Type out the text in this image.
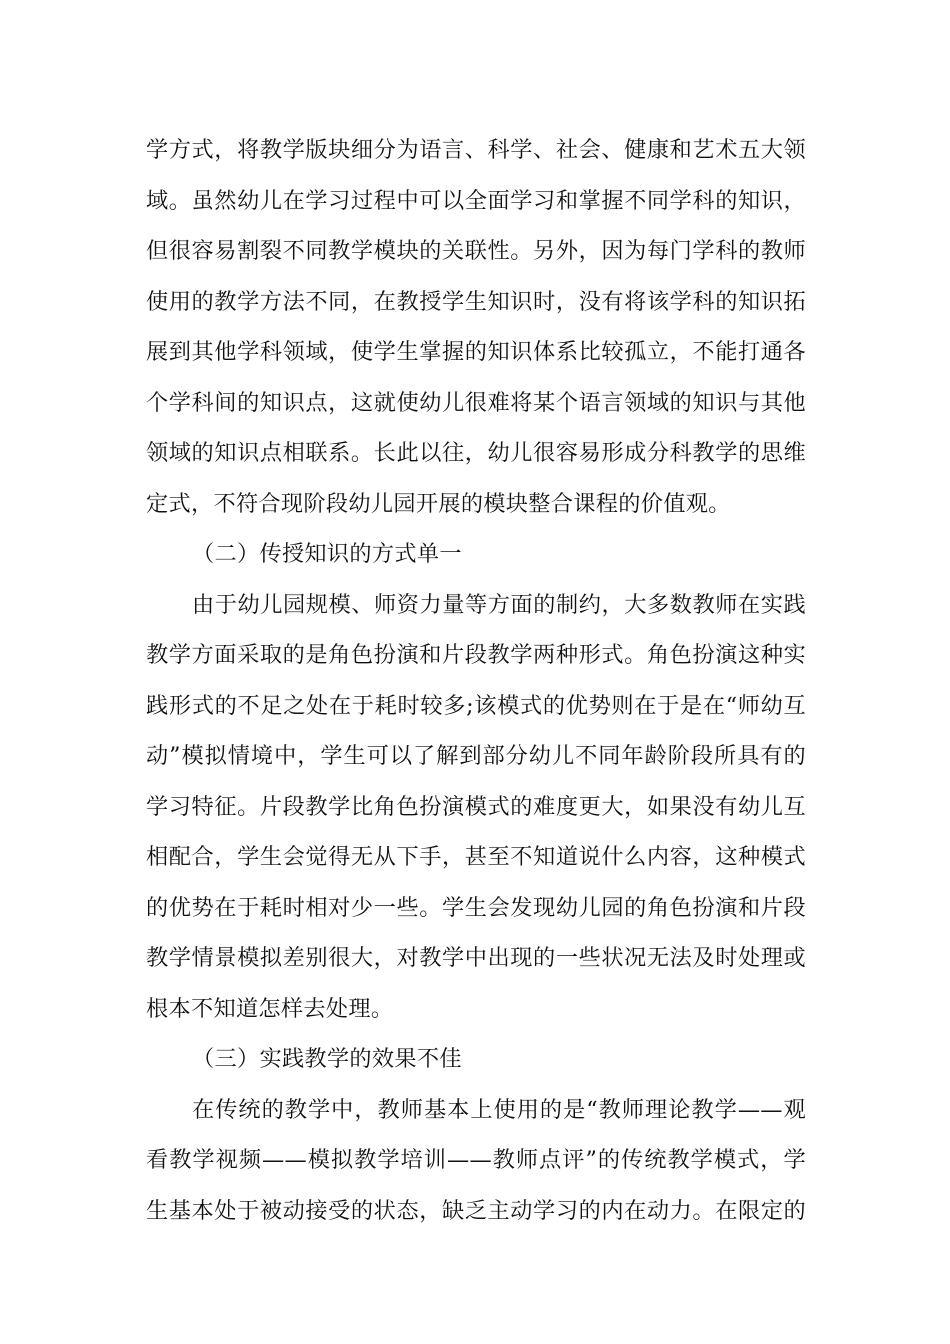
学方式，将教学版块细分为语言、科学、社会、健康和艺术五大领
域。虽然幼儿在学习过程中可以全面学习和掌握不同学科的知识，
但很容易割裂不同教学模块的关联性。另外，因为每门学科的教师
使用的教学方法不同，在教授学生知识时，没有将该学科的知识拓
展到其他学科领域，使学生掌握的知识体系比较孤立，不能打通各
个学科间的知识点，这就使幼儿很难将某个语言领域的知识与其他
领域的知识点相联系。长此以往，幼儿很容易形成分科教学的思维
定式，不符合现阶段幼儿园开展的模块整合课程的价值观。
（二）传授知识的方式单一
由于幼儿园规模、师资力量等方面的制约，大多数教师在实践
教学方面采取的是角色扮演和片段教学两种形式。角色扮演这种实
践形式的不足之处在于耗时较多;该模式的优势则在于是在“师幼互
动”模拟情境中，学生可以了解到部分幼儿不同年龄阶段所具有的
学习特征。片段教学比角色扮演模式的难度更大，如果没有幼儿互
相配合，学生会觉得无从下手，甚至不知道说什么内容，这种模式
的优势在于耗时相对少一些。学生会发现幼儿园的角色扮演和片段
教学情景模拟差别很大，对教学中出现的一些状况无法及时处理或
根本不知道怎样去处理。
（三）实践教学的效果不佳
在传统的教学中，教师基本上使用的是“教师理论教学——观
看教学视频——模拟教学培训——教师点评”的传统教学模式，学
生基本处于被动接受的状态，缺乏主动学习的内在动力。在限定的
